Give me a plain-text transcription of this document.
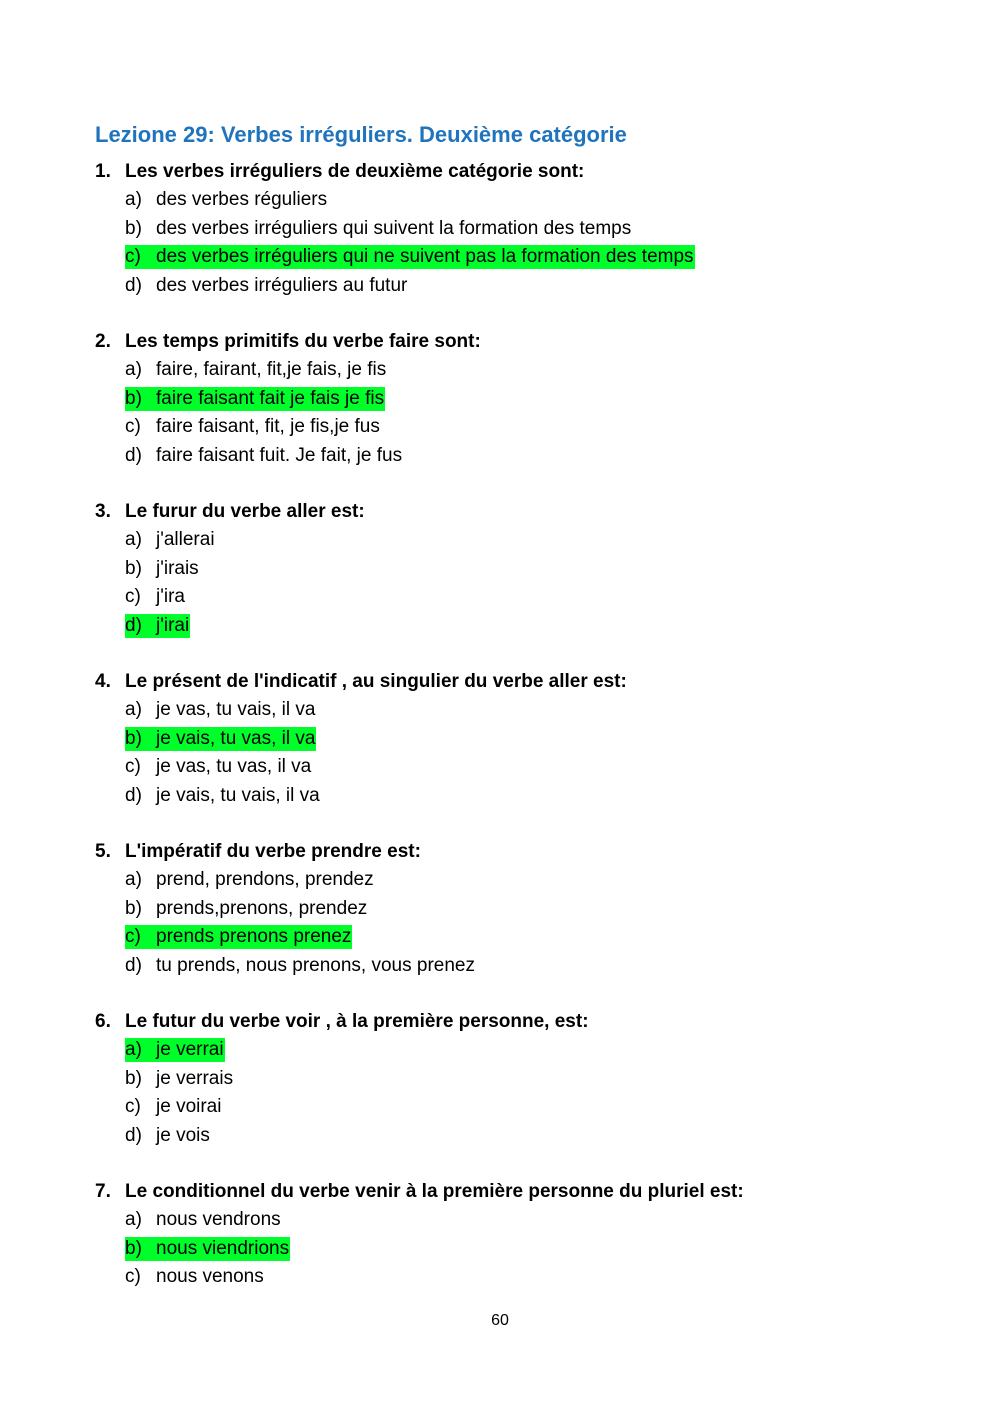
Lezione 29: Verbes irréguliers. Deuxième catégorie
1. Les verbes irréguliers de deuxième catégorie sont:
a) des verbes réguliers
b) des verbes irréguliers qui suivent la formation des temps
c) des verbes irréguliers qui ne suivent pas la formation des temps
d) des verbes irréguliers au futur
2. Les temps primitifs du verbe faire sont:
a) faire, fairant, fit,je fais, je fis
b) faire faisant fait je fais je fis
c) faire faisant, fit, je fis,je fus
d) faire faisant fuit. Je fait, je fus
3. Le furur du verbe aller est:
a) j'allerai
b) j'irais
c) j'ira
d) j'irai
4. Le présent de l'indicatif , au singulier du verbe aller est:
a) je vas, tu vais, il va
b) je vais, tu vas, il va
c) je vas, tu vas, il va
d) je vais, tu vais, il va
5. L'impératif du verbe prendre est:
a) prend, prendons, prendez
b) prends,prenons, prendez
c) prends prenons prenez
d) tu prends, nous prenons, vous prenez
6. Le futur du verbe voir , à la première personne, est:
a) je verrai
b) je verrais
c) je voirai
d) je vois
7. Le conditionnel du verbe venir à la première personne du pluriel est:
a) nous vendrons
b) nous viendrions
c) nous venons
60
